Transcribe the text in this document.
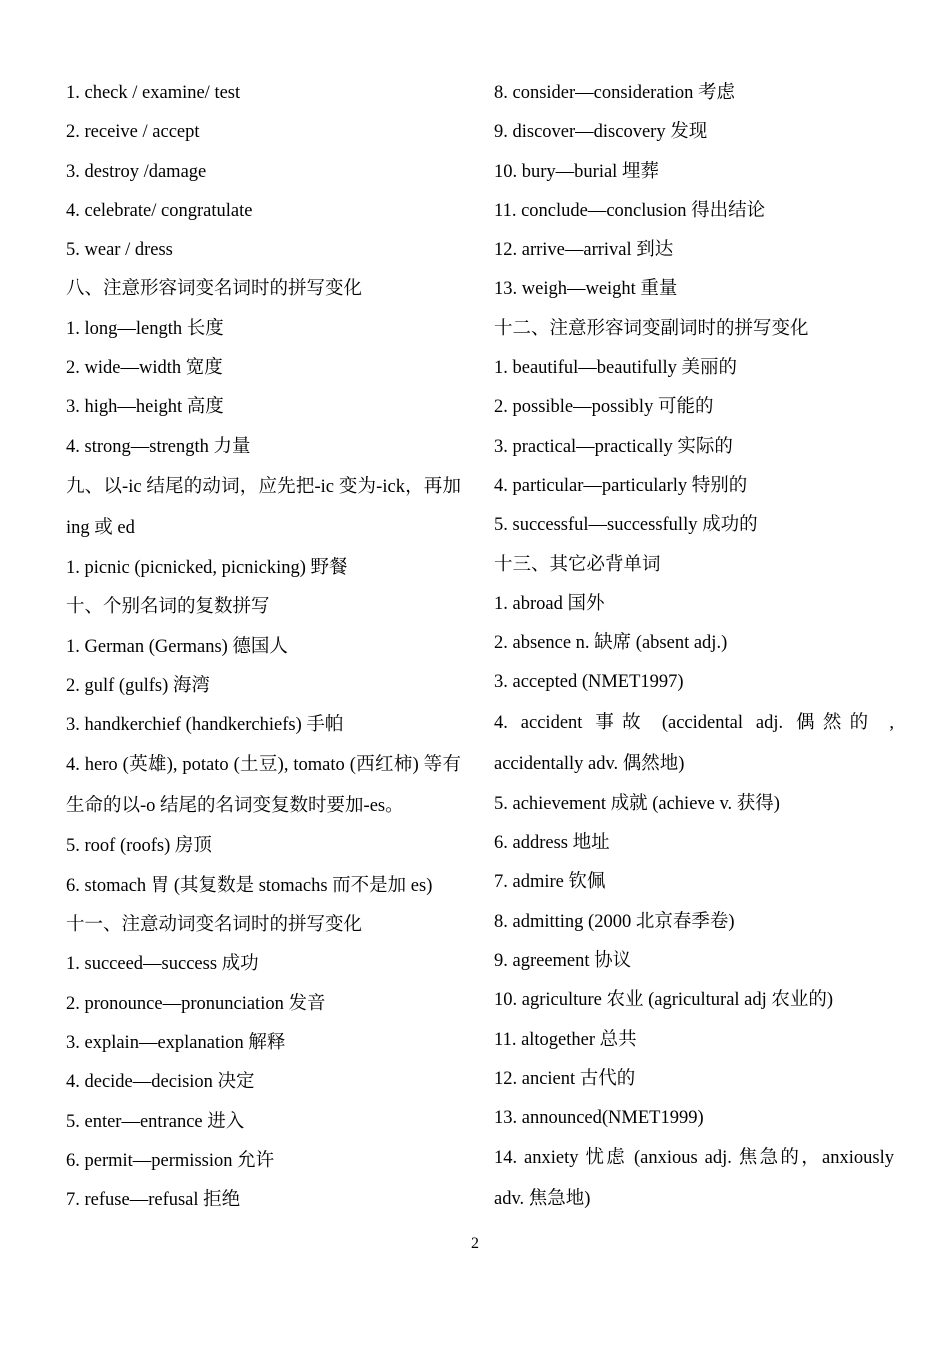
1. check / examine/ test
2. receive / accept
3. destroy /damage
4. celebrate/ congratulate
5. wear / dress
八、注意形容词变名词时的拼写变化
1. long—length 长度
2. wide—width 宽度
3. high—height 高度
4. strong—strength 力量
九、以-ic 结尾的动词，应先把-ic 变为-ick，再加 ing 或 ed
1. picnic (picnicked, picnicking) 野餐
十、个别名词的复数拼写
1. German (Germans) 德国人
2. gulf (gulfs) 海湾
3. handkerchief (handkerchiefs) 手帕
4. hero (英雄), potato (土豆), tomato (西红柿) 等有生命的以-o 结尾的名词变复数时要加-es。
5. roof (roofs) 房顶
6. stomach 胃 (其复数是 stomachs 而不是加 es)
十一、注意动词变名词时的拼写变化
1. succeed—success 成功
2. pronounce—pronunciation 发音
3. explain—explanation 解释
4. decide—decision 决定
5. enter—entrance 进入
6. permit—permission 允许
7. refuse—refusal 拒绝
8. consider—consideration 考虑
9. discover—discovery 发现
10. bury—burial 埋葬
11. conclude—conclusion 得出结论
12. arrive—arrival 到达
13. weigh—weight 重量
十二、注意形容词变副词时的拼写变化
1. beautiful—beautifully 美丽的
2. possible—possibly 可能的
3. practical—practically 实际的
4. particular—particularly 特别的
5. successful—successfully 成功的
十三、其它必背单词
1. abroad 国外
2. absence n. 缺席 (absent adj.)
3. accepted (NMET1997)
4. accident 事故 (accidental adj. 偶然的 , accidentally adv. 偶然地)
5. achievement 成就 (achieve v. 获得)
6. address 地址
7. admire 钦佩
8. admitting (2000 北京春季卷)
9. agreement 协议
10. agriculture 农业 (agricultural adj 农业的)
11. altogether 总共
12. ancient 古代的
13. announced(NMET1999)
14. anxiety 忧虑 (anxious adj. 焦急的，anxiously adv. 焦急地)
2
